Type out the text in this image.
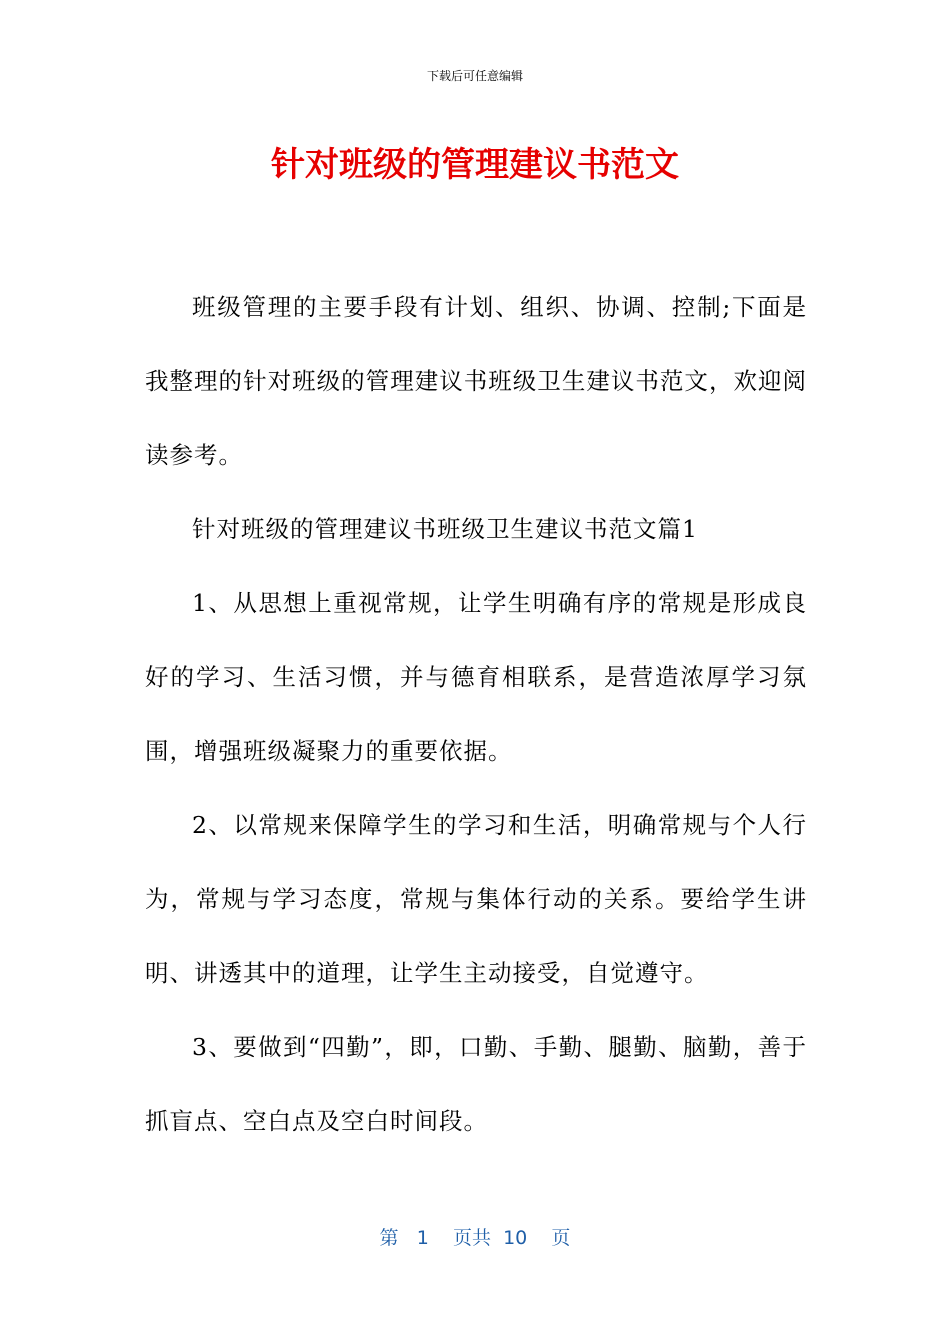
下载后可任意编辑
针对班级的管理建议书范文

班级管理的主要手段有计划、组织、协调、控制;下面是我整理的针对班级的管理建议书班级卫生建议书范文，欢迎阅读参考。

针对班级的管理建议书班级卫生建议书范文篇1

1、从思想上重视常规，让学生明确有序的常规是形成良好的学习、生活习惯，并与德育相联系，是营造浓厚学习氛围，增强班级凝聚力的重要依据。

2、以常规来保障学生的学习和生活，明确常规与个人行为，常规与学习态度，常规与集体行动的关系。要给学生讲明、讲透其中的道理，让学生主动接受，自觉遵守。

3、要做到“四勤”，即，口勤、手勤、腿勤、脑勤，善于抓盲点、空白点及空白时间段。

第 1 页共 10 页
